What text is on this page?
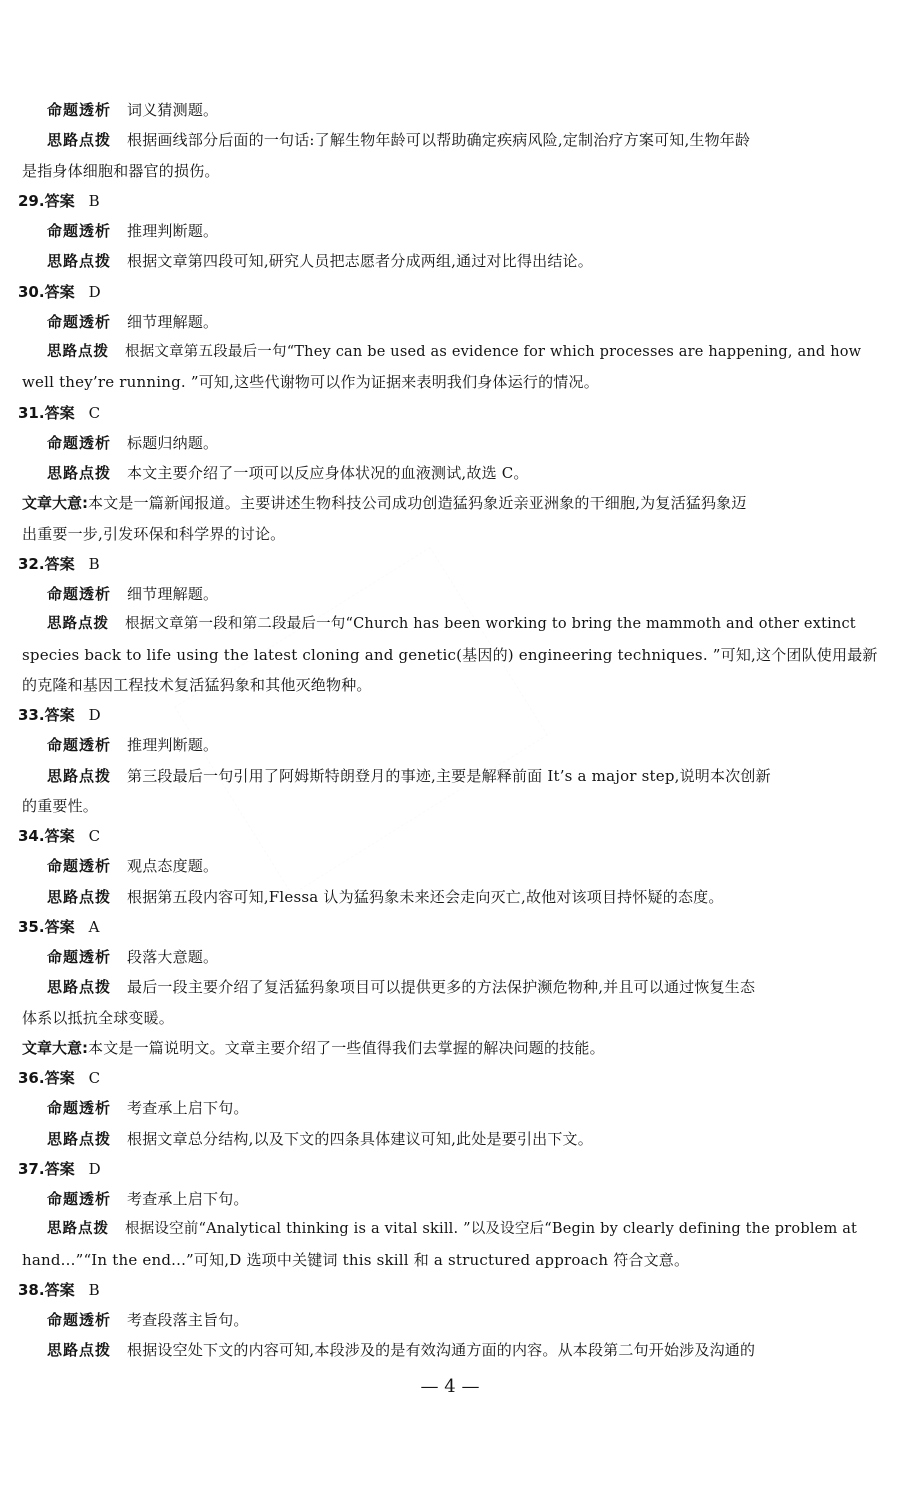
命题透析 词义猜测题。
思路点拨 根据画线部分后面的一句话:了解生物年龄可以帮助确定疾病风险,定制治疗方案可知,生物年龄
是指身体细胞和器官的损伤。
29.答案 B
命题透析 推理判断题。
思路点拨 根据文章第四段可知,研究人员把志愿者分成两组,通过对比得出结论。
30.答案 D
命题透析 细节理解题。
思路点拨 根据文章第五段最后一句“They can be used as evidence for which processes are happening, and how
well they’re running. ”可知,这些代谢物可以作为证据来表明我们身体运行的情况。
31.答案 C
命题透析 标题归纳题。
思路点拨 本文主要介绍了一项可以反应身体状况的血液测试,故选 C。
文章大意:本文是一篇新闻报道。主要讲述生物科技公司成功创造猛犸象近亲亚洲象的干细胞,为复活猛犸象迈
出重要一步,引发环保和科学界的讨论。
32.答案 B
命题透析 细节理解题。
思路点拨 根据文章第一段和第二段最后一句“Church has been working to bring the mammoth and other extinct
species back to life using the latest cloning and genetic(基因的) engineering techniques. ”可知,这个团队使用最新
的克隆和基因工程技术复活猛犸象和其他灭绝物种。
33.答案 D
命题透析 推理判断题。
思路点拨 第三段最后一句引用了阿姆斯特朗登月的事迹,主要是解释前面 It’s a major step,说明本次创新
的重要性。
34.答案 C
命题透析 观点态度题。
思路点拨 根据第五段内容可知,Flessa 认为猛犸象未来还会走向灭亡,故他对该项目持怀疑的态度。
35.答案 A
命题透析 段落大意题。
思路点拨 最后一段主要介绍了复活猛犸象项目可以提供更多的方法保护濒危物种,并且可以通过恢复生态
体系以抵抗全球变暖。
文章大意:本文是一篇说明文。文章主要介绍了一些值得我们去掌握的解决问题的技能。
36.答案 C
命题透析 考查承上启下句。
思路点拨 根据文章总分结构,以及下文的四条具体建议可知,此处是要引出下文。
37.答案 D
命题透析 考查承上启下句。
思路点拨 根据设空前“Analytical thinking is a vital skill. ”以及设空后“Begin by clearly defining the problem at
hand...”“In the end...”可知,D 选项中关键词 this skill 和 a structured approach 符合文意。
38.答案 B
命题透析 考查段落主旨句。
思路点拨 根据设空处下文的内容可知,本段涉及的是有效沟通方面的内容。从本段第二句开始涉及沟通的
— 4 —
